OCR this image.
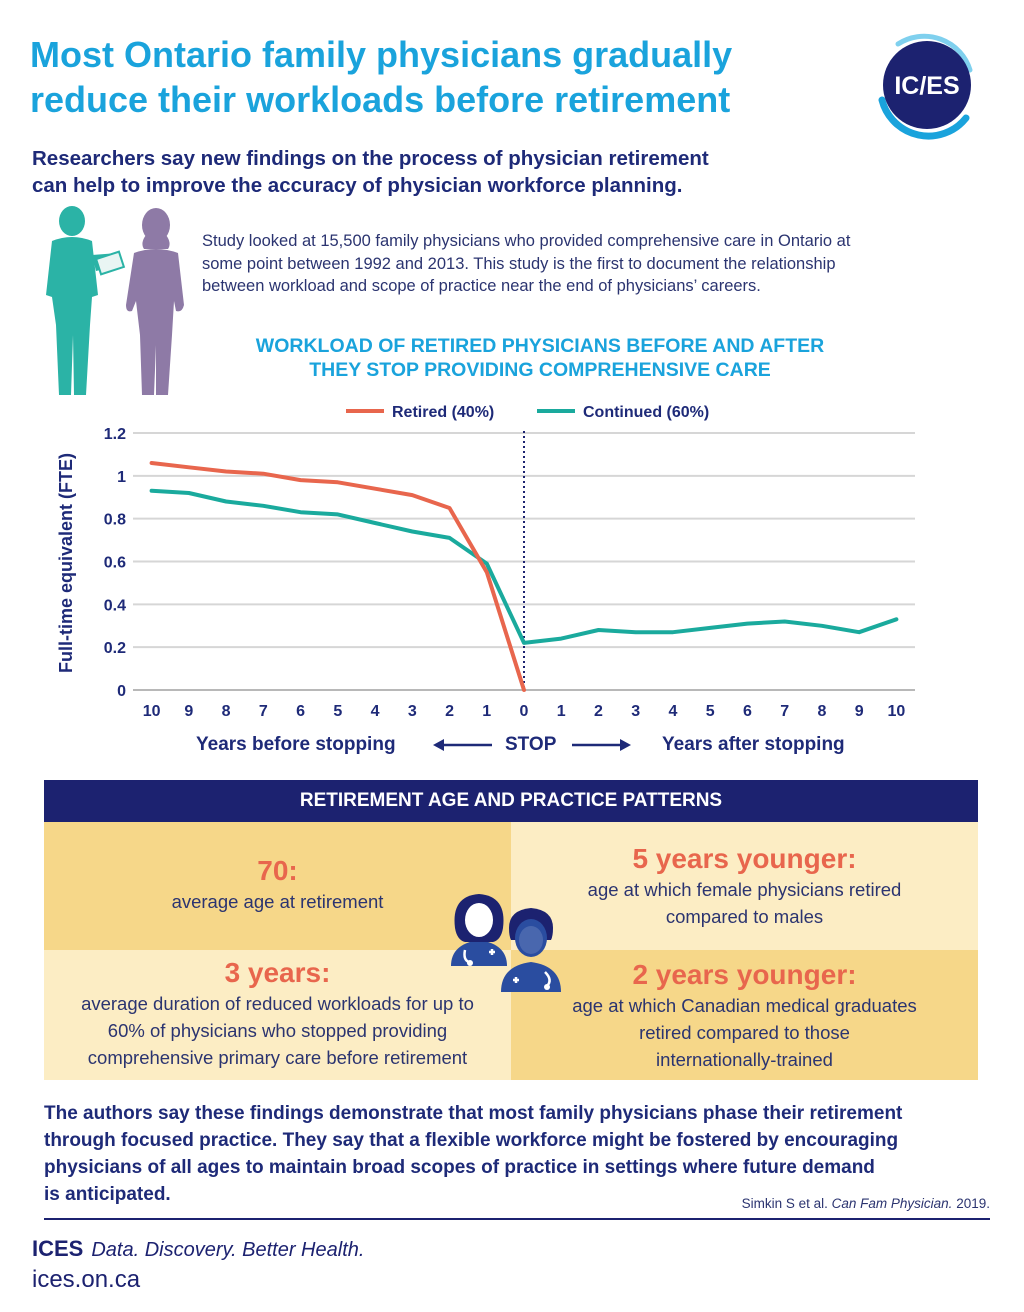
Most Ontario family physicians gradually
reduce their workloads before retirement	IC/ES

Researchers say new findings on the process of physician retirement
can help to improve the accuracy of physician workforce planning.

Study looked at 15,500 family physicians who provided comprehensive care in Ontario at
some point between 1992 and 2013. This study is the first to document the relationship
between workload and scope of practice near the end of physicians’ careers.

WORKLOAD OF RETIRED PHYSICIANS BEFORE AND AFTER
THEY STOP PROVIDING COMPREHENSIVE CARE

Retired (40%)	Continued (60%)
0
0.2
0.4
0.6
0.8
1
1.2
10 9 8 7 6 5 4 3 2 1 0 1 2 3 4 5 6 7 8 9 10
Full-time equivalent (FTE)
Years before stopping	STOP	Years after stopping
RETIREMENT AGE AND PRACTICE PATTERNS
70:
average age at retirement
5 years younger:
age at which female physicians retired
compared to males
3 years:
average duration of reduced workloads for up to
60% of physicians who stopped providing
comprehensive primary care before retirement
2 years younger:
age at which Canadian medical graduates
retired compared to those
internationally-trained

The authors say these findings demonstrate that most family physicians phase their retirement
through focused practice. They say that a flexible workforce might be fostered by encouraging
physicians of all ages to maintain broad scopes of practice in settings where future demand
is anticipated.	Simkin S et al. Can Fam Physician. 2019.
ICES Data. Discovery. Better Health.
ices.on.ca
